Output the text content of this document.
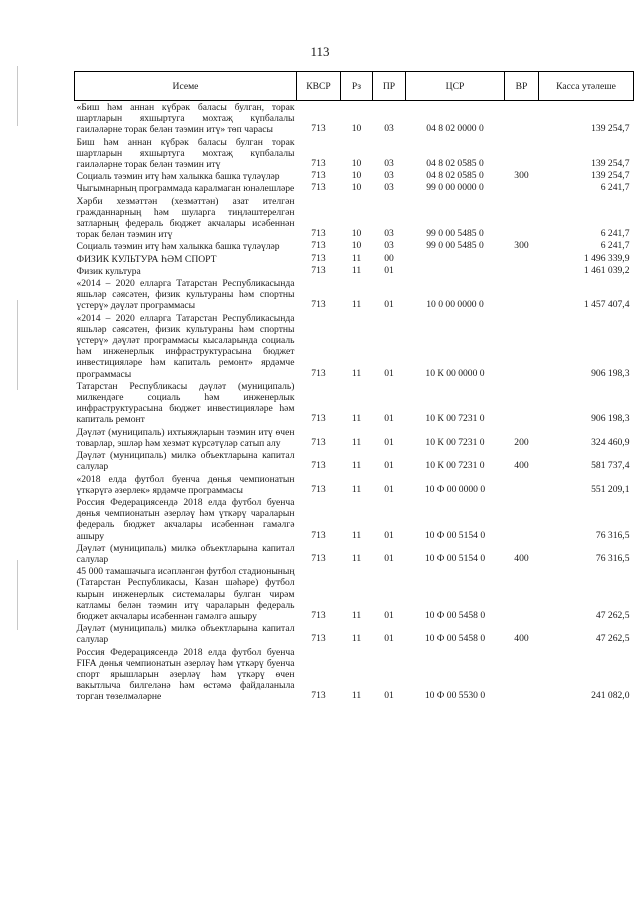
113
Исеме	КВСР	Рз	ПР	ЦСР	ВР	Касса утәлеше
«Биш һәм аннан күбрәк баласы булган, торак шартларын яхшыртуга мохтаҗ күпбалалы гаиләләрне торак белән тәэмин итү» төп чарасы	713	10	03	04 8 02 0000 0		139 254,7
Биш һәм аннан күбрәк баласы булган торак шартларын яхшыртуга мохтаҗ күпбалалы гаиләләрне торак белән тәэмин итү	713	10	03	04 8 02 0585 0		139 254,7
Социаль тәэмин итү һәм халыкка башка түләүләр	713	10	03	04 8 02 0585 0	300	139 254,7
Чыгымнарның программада каралмаган юнәлешләре	713	10	03	99 0 00 0000 0		6 241,7
Хәрби хезмәттән (хезмәттән) азат ителгән гражданнарның һәм шуларга тиңләштерелгән затларның федераль бюджет акчалары исәбеннән торак белән тәэмин итү	713	10	03	99 0 00 5485 0		6 241,7
Социаль тәэмин итү һәм халыкка башка түләүләр	713	10	03	99 0 00 5485 0	300	6 241,7
ФИЗИК КУЛЬТУРА ҺӘМ СПОРТ	713	11	00			1 496 339,9
Физик культура	713	11	01			1 461 039,2
«2014 – 2020 елларга Татарстан Республикасында яшьләр сәясәтен, физик культураны һәм спортны үстерү» дәүләт программасы	713	11	01	10 0 00 0000 0		1 457 407,4
«2014 – 2020 елларга Татарстан Республикасында яшьләр сәясәтен, физик культураны һәм спортны үстерү» дәүләт программасы кысаларында социаль һәм инженерлык инфраструктурасына бюджет инвестицияләре һәм капиталь ремонт» ярдәмче программасы	713	11	01	10 К 00 0000 0		906 198,3
Татарстан Республикасы дәүләт (муниципаль) милкендәге социаль һәм инженерлык инфраструктурасына бюджет инвестицияләре һәм капиталь ремонт	713	11	01	10 К 00 7231 0		906 198,3
Дәүләт (муниципаль) ихтыяҗларын тәэмин итү өчен товарлар, эшләр һәм хезмәт күрсәтүләр сатып алу	713	11	01	10 К 00 7231 0	200	324 460,9
Дәүләт (муниципаль) милкә объектларына капитал салулар	713	11	01	10 К 00 7231 0	400	581 737,4
«2018 елда футбол буенча дөнья чемпионатын үткәрүгә әзерлек» ярдәмче программасы	713	11	01	10 Ф 00 0000 0		551 209,1
Россия Федерациясендә 2018 елда футбол буенча дөнья чемпионатын әзерләү һәм үткәрү чараларын федераль бюджет акчалары исәбеннән гамәлгә ашыру	713	11	01	10 Ф 00 5154 0		76 316,5
Дәүләт (муниципаль) милкә объектларына капитал салулар	713	11	01	10 Ф 00 5154 0	400	76 316,5
45 000 тамашачыга исәпләнгән футбол стадионының (Татарстан Республикасы, Казан шәһәре) футбол кырын инженерлык системалары булган чирәм катламы белән тәэмин итү чараларын федераль бюджет акчалары исәбеннән гамәлгә ашыру	713	11	01	10 Ф 00 5458 0		47 262,5
Дәүләт (муниципаль) милкә объектларына капитал салулар	713	11	01	10 Ф 00 5458 0	400	47 262,5
Россия Федерациясендә 2018 елда футбол буенча FIFA дөнья чемпионатын әзерләү һәм үткәрү буенча спорт ярышларын әзерләү һәм үткәрү өчен вакытлыча билгеләнә һәм өстәмә файдаланыла торган төзелмәләрне	713	11	01	10 Ф 00 5530 0		241 082,0
